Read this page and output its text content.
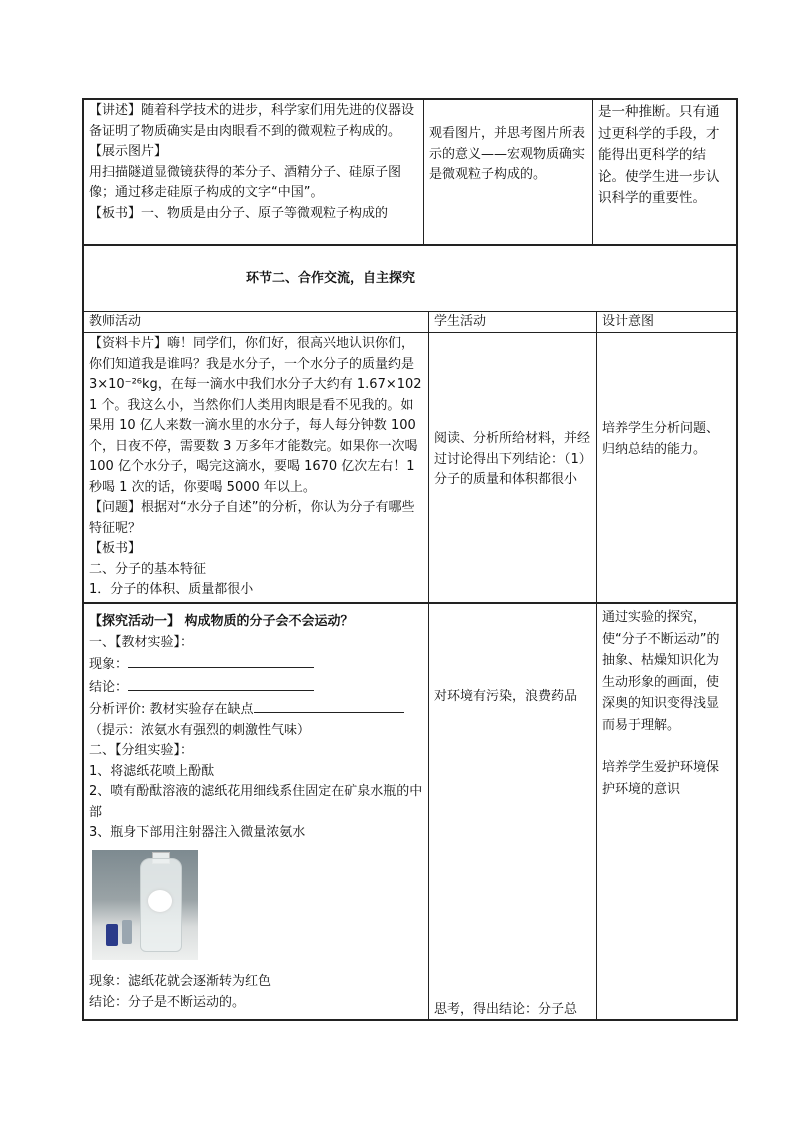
【讲述】随着科学技术的进步，科学家们用先进的仪器设备证明了物质确实是由肉眼看不到的微观粒子构成的。

【展示图片】

用扫描隧道显微镜获得的苯分子、酒精分子、硅原子图像；通过移走硅原子构成的文字“中国”。

【板书】一、物质是由分子、原子等微观粒子构成的

观看图片，并思考图片所表示的意义——宏观物质确实是微观粒子构成的。

是一种推断。只有通过更科学的手段，才能得出更科学的结论。使学生进一步认识科学的重要性。

环节二、合作交流，自主探究
教师活动	学生活动	设计意图

【资料卡片】嗨！同学们，你们好，很高兴地认识你们，你们知道我是谁吗？我是水分子，一个水分子的质量约是 3×10⁻²⁶kg，在每一滴水中我们水分子大约有 1.67×1021 个。我这么小，当然你们人类用肉眼是看不见我的。如果用 10 亿人来数一滴水里的水分子，每人每分钟数 100 个，日夜不停，需要数 3 万多年才能数完。如果你一次喝 100 亿个水分子，喝完这滴水，要喝 1670 亿次左右！1 秒喝 1 次的话，你要喝 5000 年以上。

【问题】根据对“水分子自述”的分析，你认为分子有哪些特征呢？

【板书】

二、分子的基本特征

1．分子的体积、质量都很小

阅读、分析所给材料，并经过讨论得出下列结论：（1）分子的质量和体积都很小

培养学生分析问题、归纳总结的能力。

【探究活动一】 构成物质的分子会不会运动？

一、【教材实验】：

现象：

结论：

分析评价: 教材实验存在缺点

（提示：浓氨水有强烈的刺激性气味）

二、【分组实验】：

1、将滤纸花喷上酚酞

2、喷有酚酞溶液的滤纸花用细线系住固定在矿泉水瓶的中部

3、瓶身下部用注射器注入微量浓氨水

现象：滤纸花就会逐渐转为红色

结论：分子是不断运动的。

对环境有污染，浪费药品

思考，得出结论：分子总

通过实验的探究，使“分子不断运动”的抽象、枯燥知识化为生动形象的画面，使深奥的知识变得浅显而易于理解。

培养学生爱护环境保护环境的意识
